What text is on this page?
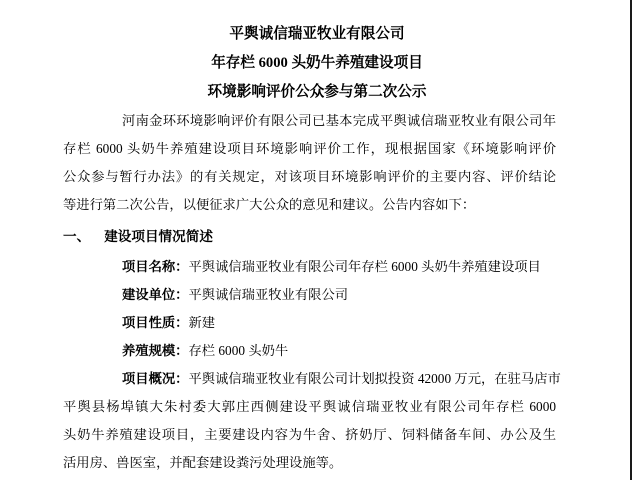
平舆诚信瑞亚牧业有限公司
年存栏 6000 头奶牛养殖建设项目
环境影响评价公众参与第二次公示
河南金环环境影响评价有限公司已基本完成平舆诚信瑞亚牧业有限公司年
存栏 6000 头奶牛养殖建设项目环境影响评价工作，现根据国家《环境影响评价
公众参与暂行办法》的有关规定，对该项目环境影响评价的主要内容、评价结论
等进行第二次公告，以便征求广大公众的意见和建议。公告内容如下：
一、 建设项目情况简述
项目名称：平舆诚信瑞亚牧业有限公司年存栏 6000 头奶牛养殖建设项目
建设单位：平舆诚信瑞亚牧业有限公司
项目性质：新建
养殖规模：存栏 6000 头奶牛
项目概况：平舆诚信瑞亚牧业有限公司计划拟投资 42000 万元，在驻马店市
平舆县杨埠镇大朱村委大郭庄西侧建设平舆诚信瑞亚牧业有限公司年存栏 6000
头奶牛养殖建设项目，主要建设内容为牛舍、挤奶厅、饲料储备车间、办公及生
活用房、兽医室，并配套建设粪污处理设施等。
